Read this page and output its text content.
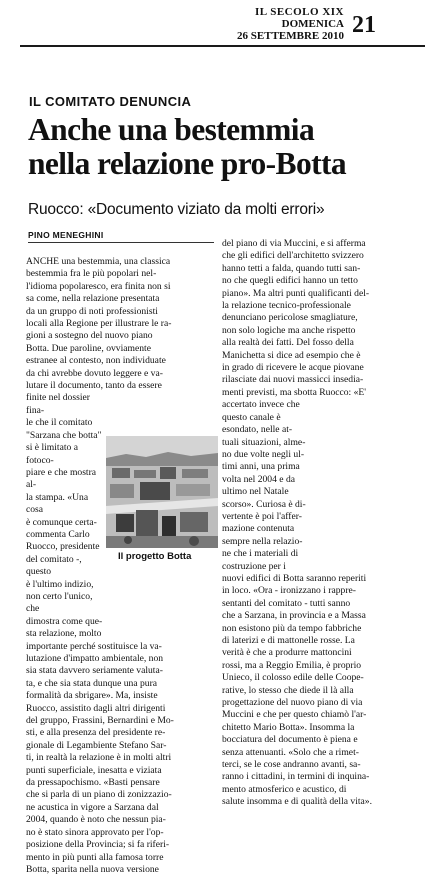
IL SECOLO XIX
DOMENICA
26 SETTEMBRE 2010 21
IL COMITATO DENUNCIA
Anche una bestemmia
nella relazione pro-Botta
Ruocco: «Documento viziato da molti errori»
PINO MENEGHINI

ANCHE una bestemmia, una classica

bestemmia fra le più popolari nel-

l'idioma popolaresco, era finita non si

sa come, nella relazione presentata

da un gruppo di noti professionisti

locali alla Regione per illustrare le ra-

gioni a sostegno del nuovo piano

Botta. Due paroline, ovviamente

estranee al contesto, non individuate

da chi avrebbe dovuto leggere e va-

lutare il documento, tanto da essere

finite nel dossier fina-

le che il comitato

"Sarzana che botta"

si è limitato a fotoco-

piare e che mostra al-

la stampa. «Una cosa

è comunque certa-

commenta Carlo

Ruocco, presidente

del comitato -, questo

è l'ultimo indizio,

non certo l'unico, che

dimostra come que-

sta relazione, molto

importante perché sostituisce la va-

lutazione d'impatto ambientale, non

sia stata davvero seriamente valuta-

ta, e che sia stata dunque una pura

formalità da sbrigare». Ma, insiste

Ruocco, assistito dagli altri dirigenti

del gruppo, Frassini, Bernardini e Mo-

sti, e alla presenza del presidente re-

gionale di Legambiente Stefano Sar-

ti, in realtà la relazione è in molti altri

punti superficiale, inesatta e viziata

da pressapochismo. «Basti pensare

che si parla di un piano di zonizzazio-

ne acustica in vigore a Sarzana dal

2004, quando è noto che nessun pia-

no è stato sinora approvato per l'op-

posizione della Provincia; si fa riferi-

mento in più punti alla famosa torre

Botta, sparita nella nuova versione

del piano di via Muccini, e si afferma

che gli edifici dell'architetto svizzero

hanno tetti a falda, quando tutti san-

no che quegli edifici hanno un tetto

piano». Ma altri punti qualificanti del-

la relazione tecnico-professionale

denunciano pericolose smagliature,

non solo logiche ma anche rispetto

alla realtà dei fatti. Del fosso della

Manichetta si dice ad esempio che è

in grado di ricevere le acque piovane

rilasciate dai nuovi massicci insedia-

menti previsti, ma sbotta Ruocco: «E'

accertato invece che

questo canale è

esondato, nelle at-

tuali situazioni, alme-

no due volte negli ul-

timi anni, una prima

volta nel 2004 e da

ultimo nel Natale

scorso». Curiosa è di-

vertente è poi l'affer-

mazione contenuta

sempre nella relazio-

ne che i materiali di

costruzione per i

nuovi edifici di Botta saranno reperiti

in loco. «Ora - ironizzano i rappre-

sentanti del comitato - tutti sanno

che a Sarzana, in provincia e a Massa

non esistono più da tempo fabbriche

di laterizi e di mattonelle rosse. La

verità è che a produrre mattoncini

rossi, ma a Reggio Emilia, è proprio

Unieco, il colosso edile delle Coope-

rative, lo stesso che diede il là alla

progettazione del nuovo piano di via

Muccini e che per questo chiamò l'ar-

chitetto Mario Botta». Insomma la

bocciatura del documento è piena e

senza attenuanti. «Solo che a rimet-

terci, se le cose andranno avanti, sa-

ranno i cittadini, in termini di inquina-

mento atmosferico e acustico, di

salute insomma e di qualità della vita».

Il progetto Botta
